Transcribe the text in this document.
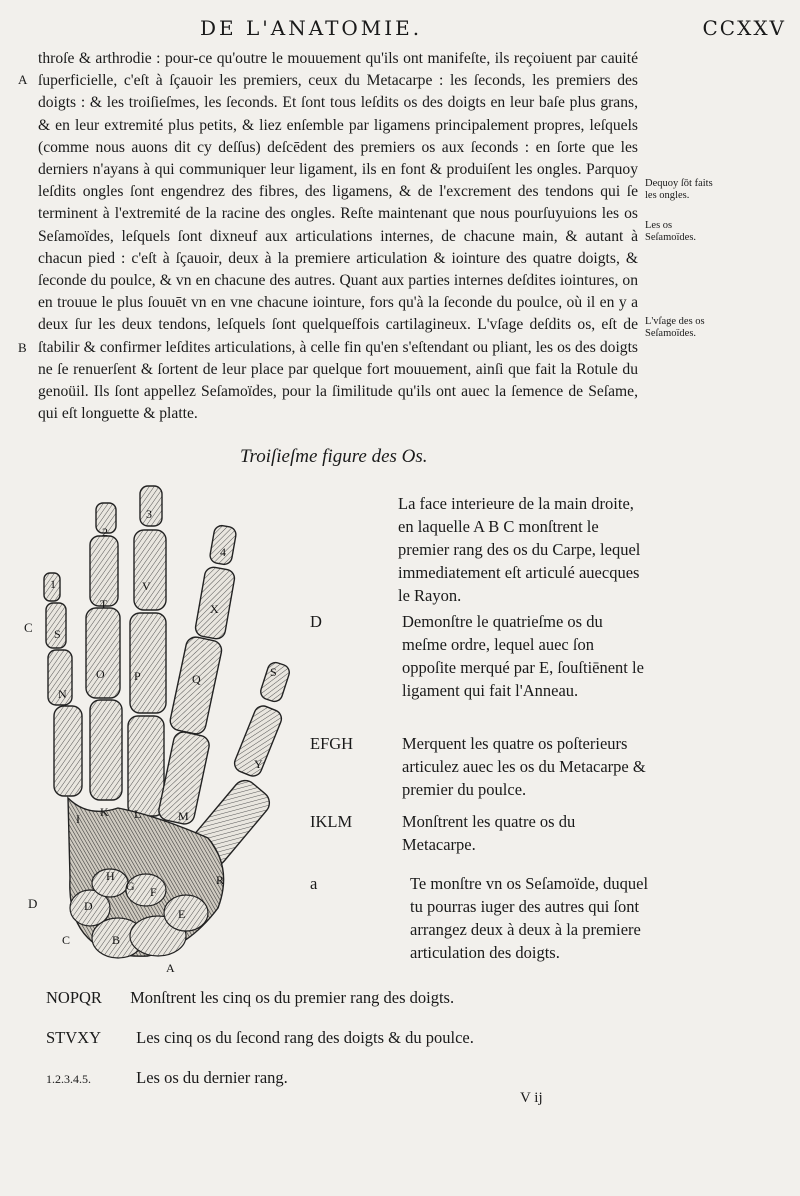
DE L'ANATOMIE.	CCXXV
A
B
C
D

throſe & arthrodie : pour-ce qu'outre le mouuement qu'ils ont manifeſte, ils reçoiuent par cauité ſuperficielle, c'eſt à ſçauoir les premiers, ceux du Metacarpe : les ſeconds, les premiers des doigts : & les troiſieſmes, les ſeconds. Et ſont tous leſdits os des doigts en leur baſe plus grans, & en leur extremité plus petits, & liez enſemble par ligamens principalement propres, leſquels (comme nous auons dit cy deſſus) deſcēdent des premiers os aux ſeconds : en ſorte que les derniers n'ayans à qui communiquer leur ligament, ils en font & produiſent les ongles. Parquoy leſdits ongles ſont engendrez des fibres, des ligamens, & de l'excrement des tendons qui ſe terminent à l'extremité de la racine des ongles. Reſte maintenant que nous pourſuyuions les os Seſamoïdes, leſquels ſont dixneuf aux articulations internes, de chacune main, & autant à chacun pied : c'eſt à ſçauoir, deux à la premiere articulation & iointure des quatre doigts, & ſeconde du poulce, & vn en chacune des autres. Quant aux parties internes deſdites iointures, on en trouue le plus ſouuēt vn en vne chacune iointure, fors qu'à la ſeconde du poulce, où il en y a deux ſur les deux tendons, leſquels ſont quelqueſfois cartilagineux. L'vſage deſdits os, eſt de ſtabilir & confirmer leſdites articulations, à celle fin qu'en s'eſtendant ou pliant, les os des doigts ne ſe renuerſent & ſortent de leur place par quelque fort mouuement, ainſi que fait la Rotule du genoüil. Ils ſont appellez Seſamoïdes, pour la ſimilitude qu'ils ont auec la ſemence de Seſame, qui eſt longuette & platte.

Dequoy ſōt faits les ongles.
Les os Seſamoïdes.
L'vſage des os Seſamoïdes.
Troiſieſme figure des Os.
1
2
3
4
S
S
T
V
X
Y
N
O P	Q
R
I K L	M
E
F
G
H
D
C	B
A
La face interieure de la main droite, en laquelle A B C monſtrent le premier rang des os du Carpe, lequel immediatement eſt articulé auecques le Rayon.
D	Demonſtre le quatrieſme os du meſme ordre, lequel auec ſon oppoſite merqué par E, ſouſtiēnent le ligament qui fait l'Anneau.
EFGH	Merquent les quatre os poſterieurs articulez auec les os du Metacarpe & premier du poulce.
IKLM	Monſtrent les quatre os du Metacarpe.
a	Te monſtre vn os Seſamoïde, duquel tu pourras iuger des autres qui ſont arrangez deux à deux à la premiere articulation des doigts.
NOPQR Monſtrent les cinq os du premier rang des doigts.
STVXY Les cinq os du ſecond rang des doigts & du poulce.
1.2.3.4.5.	Les os du dernier rang.
V ij
